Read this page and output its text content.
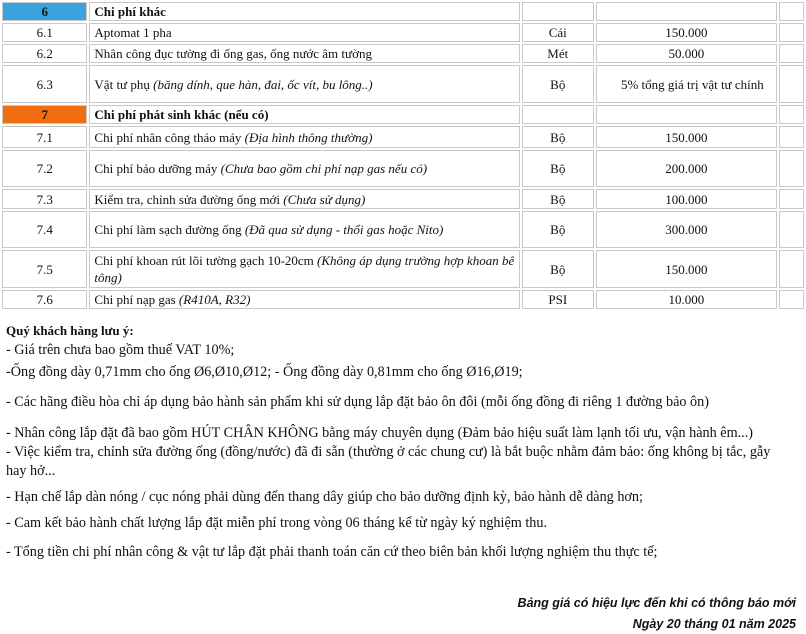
6	Chi phí khác			
6.1	Aptomat 1 pha	Cái	150.000	
6.2	Nhân công đục tường đi ống gas, ống nước âm tường	Mét	50.000	
6.3	Vật tư phụ (băng dính, que hàn, đai, ốc vít, bu lông..)	Bộ	5% tổng giá trị vật tư chính	
7	Chi phí phát sinh khác (nếu có)			
7.1	Chi phí nhân công tháo máy (Địa hình thông thường)	Bộ	150.000	
7.2	Chi phí bảo dưỡng máy (Chưa bao gồm chi phí nạp gas nếu có)	Bộ	200.000	
7.3	Kiểm tra, chỉnh sửa đường ống mới (Chưa sử dụng)	Bộ	100.000	
7.4	Chi phí làm sạch đường ống (Đã qua sử dụng - thổi gas hoặc Nito)	Bộ	300.000	
7.5	Chi phí khoan rút lõi tường gạch 10-20cm (Không áp dụng trường hợp khoan bê tông)	Bộ	150.000	
7.6	Chi phí nạp gas (R410A, R32)	PSI	10.000	
Quý khách hàng lưu ý:
- Giá trên chưa bao gồm thuế VAT 10%;
-Ống đồng dày 0,71mm cho ống Ø6,Ø10,Ø12; - Ống đồng dày 0,81mm cho ống Ø16,Ø19;
- Các hãng điều hòa chỉ áp dụng bảo hành sản phẩm khi sử dụng lắp đặt bảo ôn đôi (mỗi ống đồng đi riêng 1 đường bảo ôn)
- Nhân công lắp đặt đã bao gồm HÚT CHÂN KHÔNG bằng máy chuyên dụng (Đảm bảo hiệu suất làm lạnh tối ưu, vận hành êm...)
- Việc kiểm tra, chỉnh sửa đường ống (đồng/nước) đã đi sẵn (thường ở các chung cư) là bắt buộc nhằm đảm bảo: ống không bị tắc, gẫy hay hở...
- Hạn chế lắp dàn nóng / cục nóng phải dùng đến thang dây giúp cho bảo dưỡng định kỳ, bảo hành dễ dàng hơn;
- Cam kết bảo hành chất lượng lắp đặt miễn phí trong vòng 06 tháng kể từ ngày ký nghiệm thu.
- Tổng tiền chi phí nhân công & vật tư lắp đặt phải thanh toán căn cứ theo biên bản khối lượng nghiệm thu thực tế;
Bảng giá có hiệu lực đến khi có thông báo mới
Ngày 20 tháng 01 năm 2025
